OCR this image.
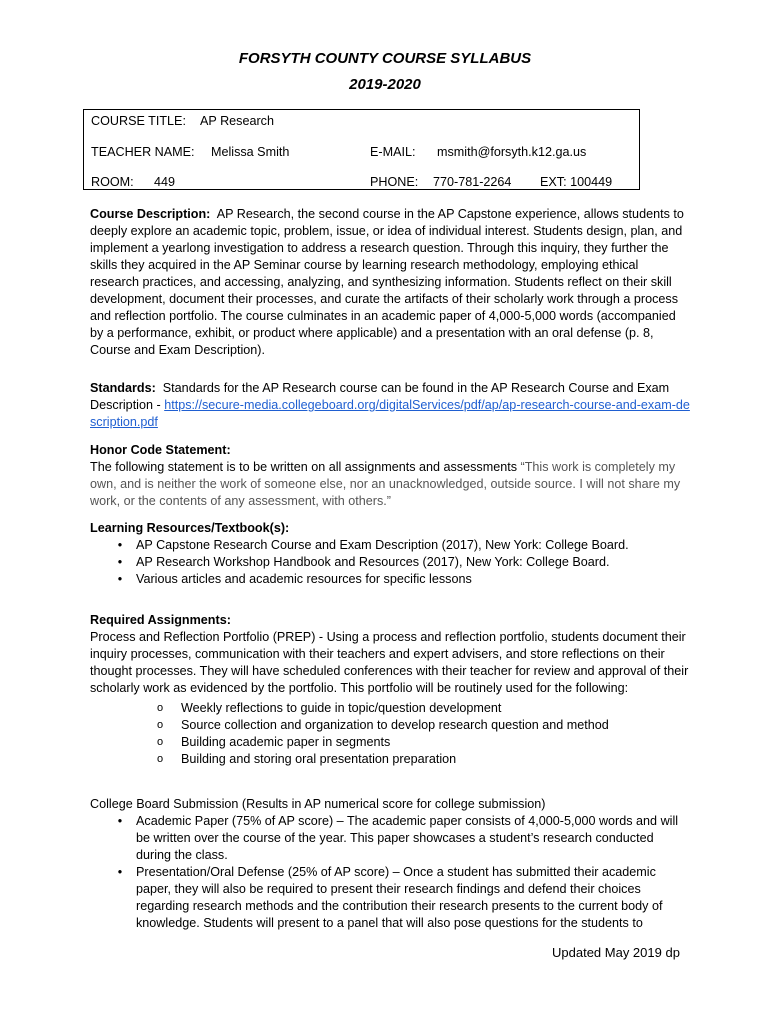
FORSYTH COUNTY COURSE SYLLABUS
2019-2020
COURSE TITLE: AP Research
TEACHER NAME: Melissa Smith	E-MAIL: msmith@forsyth.k12.ga.us
ROOM: 449	PHONE: 770-781-2264 EXT: 100449

Course Description: AP Research, the second course in the AP Capstone experience, allows students to deeply explore an academic topic, problem, issue, or idea of individual interest. Students design, plan, and implement a yearlong investigation to address a research question. Through this inquiry, they further the skills they acquired in the AP Seminar course by learning research methodology, employing ethical research practices, and accessing, analyzing, and synthesizing information. Students reflect on their skill development, document their processes, and curate the artifacts of their scholarly work through a process and reflection portfolio. The course culminates in an academic paper of 4,000-5,000 words (accompanied by a performance, exhibit, or product where applicable) and a presentation with an oral defense (p. 8, Course and Exam Description).

Standards: Standards for the AP Research course can be found in the AP Research Course and Exam Description - https://secure-media.collegeboard.org/digitalServices/pdf/ap/ap-research-course-and-exam-description.pdf

Honor Code Statement:

The following statement is to be written on all assignments and assessments “This work is completely my own, and is neither the work of someone else, nor an unacknowledged, outside source. I will not share my work, or the contents of any assessment, with others.”

Learning Resources/Textbook(s):

• AP Capstone Research Course and Exam Description (2017), New York: College Board.
• AP Research Workshop Handbook and Resources (2017), New York: College Board.
• Various articles and academic resources for specific lessons

Required Assignments:

Process and Reflection Portfolio (PREP) - Using a process and reflection portfolio, students document their inquiry processes, communication with their teachers and expert advisers, and store reflections on their thought processes. They will have scheduled conferences with their teacher for review and approval of their scholarly work as evidenced by the portfolio. This portfolio will be routinely used for the following:

o Weekly reflections to guide in topic/question development
o Source collection and organization to develop research question and method
o Building academic paper in segments
o Building and storing oral presentation preparation

College Board Submission (Results in AP numerical score for college submission)

• Academic Paper (75% of AP score) – The academic paper consists of 4,000-5,000 words and will be written over the course of the year. This paper showcases a student’s research conducted during the class.
• Presentation/Oral Defense (25% of AP score) – Once a student has submitted their academic paper, they will also be required to present their research findings and defend their choices regarding research methods and the contribution their research presents to the current body of knowledge. Students will present to a panel that will also pose questions for the students to
Updated May 2019 dp
